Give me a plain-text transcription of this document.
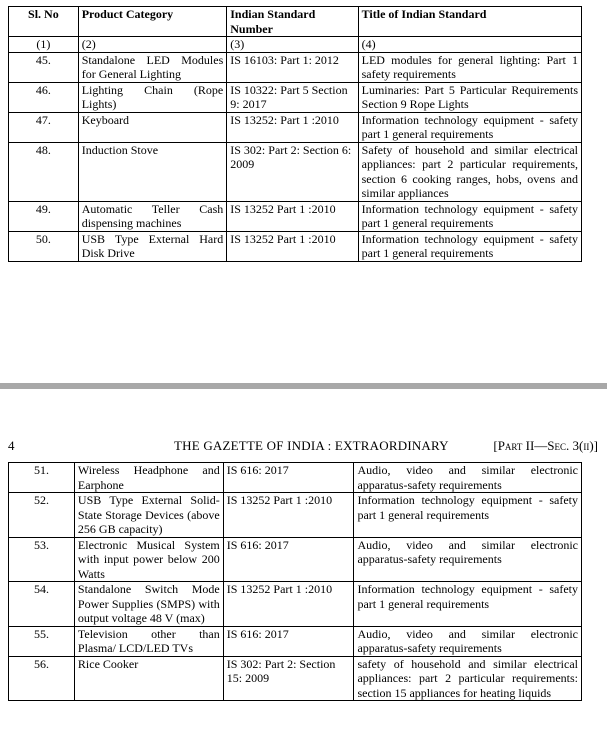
Sl. No	Product Category	Indian Standard Number	Title of Indian Standard
(1)	(2)	(3)	(4)
45.	Standalone LED Modules for General Lighting	IS 16103: Part 1: 2012	LED modules for general lighting: Part 1 safety requirements
46.	Lighting Chain (Rope Lights)	IS 10322: Part 5 Section 9: 2017	Luminaries: Part 5 Particular Requirements Section 9 Rope Lights
47.	Keyboard	IS 13252: Part 1 :2010	Information technology equipment - safety part 1 general requirements
48.	Induction Stove	IS 302: Part 2: Section 6: 2009	Safety of household and similar electrical appliances: part 2 particular requirements, section 6 cooking ranges, hobs, ovens and similar appliances
49.	Automatic Teller Cash dispensing machines	IS 13252 Part 1 :2010	Information technology equipment - safety part 1 general requirements
50.	USB Type External Hard Disk Drive	IS 13252 Part 1 :2010	Information technology equipment - safety part 1 general requirements
4	THE GAZETTE OF INDIA : EXTRAORDINARY	[Part II—Sec. 3(ii)]
51.	Wireless Headphone and Earphone	IS 616: 2017	Audio, video and similar electronic apparatus-safety requirements
52.	USB Type External Solid-State Storage Devices (above 256 GB capacity)	IS 13252 Part 1 :2010	Information technology equipment - safety part 1 general requirements
53.	Electronic Musical System with input power below 200 Watts	IS 616: 2017	Audio, video and similar electronic apparatus-safety requirements
54.	Standalone Switch Mode Power Supplies (SMPS) with output voltage 48 V (max)	IS 13252 Part 1 :2010	Information technology equipment - safety part 1 general requirements
55.	Television other than Plasma/ LCD/LED TVs	IS 616: 2017	Audio, video and similar electronic apparatus-safety requirements
56.	Rice Cooker	IS 302: Part 2: Section 15: 2009	safety of household and similar electrical appliances: part 2 particular requirements: section 15 appliances for heating liquids
